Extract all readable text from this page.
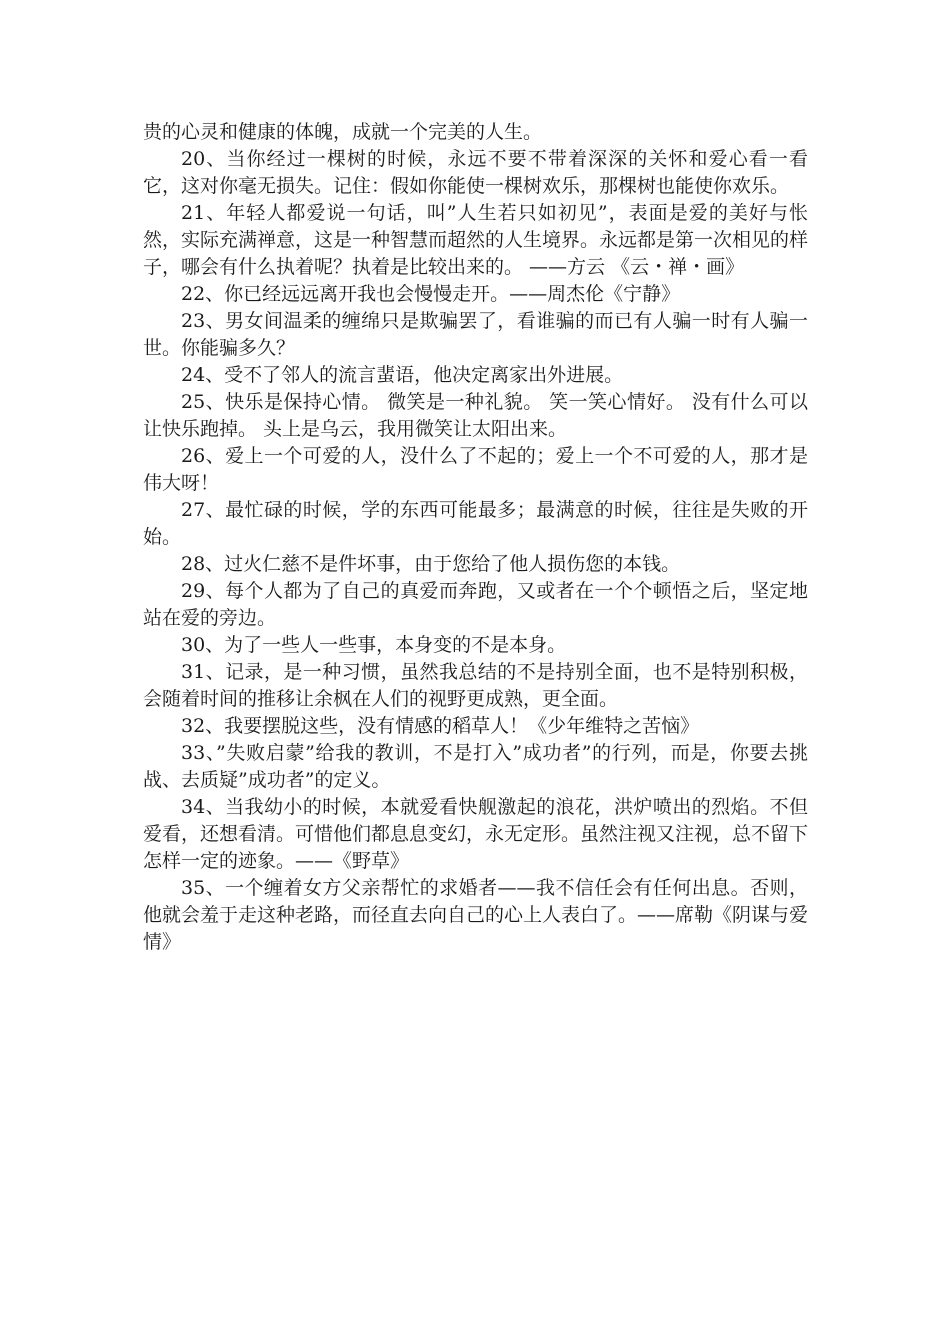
贵的心灵和健康的体魄，成就一个完美的人生。

20、当你经过一棵树的时候，永远不要不带着深深的关怀和爱心看一看它，这对你毫无损失。记住：假如你能使一棵树欢乐，那棵树也能使你欢乐。

21、年轻人都爱说一句话，叫”人生若只如初见”，表面是爱的美好与怅然，实际充满禅意，这是一种智慧而超然的人生境界。永远都是第一次相见的样子，哪会有什么执着呢？执着是比较出来的。 ——方云 《云・禅・画》

22、你已经远远离开我也会慢慢走开。——周杰伦《宁静》

23、男女间温柔的缠绵只是欺骗罢了，看谁骗的而已有人骗一时有人骗一世。你能骗多久？

24、受不了邻人的流言蜚语，他决定离家出外进展。

25、快乐是保持心情。 微笑是一种礼貌。 笑一笑心情好。 没有什么可以让快乐跑掉。 头上是乌云，我用微笑让太阳出来。

26、爱上一个可爱的人，没什么了不起的；爱上一个不可爱的人，那才是伟大呀！

27、最忙碌的时候，学的东西可能最多；最满意的时候，往往是失败的开始。

28、过火仁慈不是件坏事，由于您给了他人损伤您的本钱。

29、每个人都为了自己的真爱而奔跑，又或者在一个个顿悟之后，坚定地站在爱的旁边。

30、为了一些人一些事，本身变的不是本身。

31、记录，是一种习惯，虽然我总结的不是持别全面，也不是特别积极，会随着时间的推移让余枫在人们的视野更成熟，更全面。

32、我要摆脱这些，没有情感的稻草人！《少年维特之苦恼》

33、”失败启蒙”给我的教训，不是打入”成功者”的行列，而是，你要去挑战、去质疑”成功者”的定义。

34、当我幼小的时候，本就爱看快舰激起的浪花，洪炉喷出的烈焰。不但爱看，还想看清。可惜他们都息息变幻，永无定形。虽然注视又注视，总不留下怎样一定的迹象。——《野草》

35、一个缠着女方父亲帮忙的求婚者——我不信任会有任何出息。否则，他就会羞于走这种老路，而径直去向自己的心上人表白了。——席勒《阴谋与爱情》
